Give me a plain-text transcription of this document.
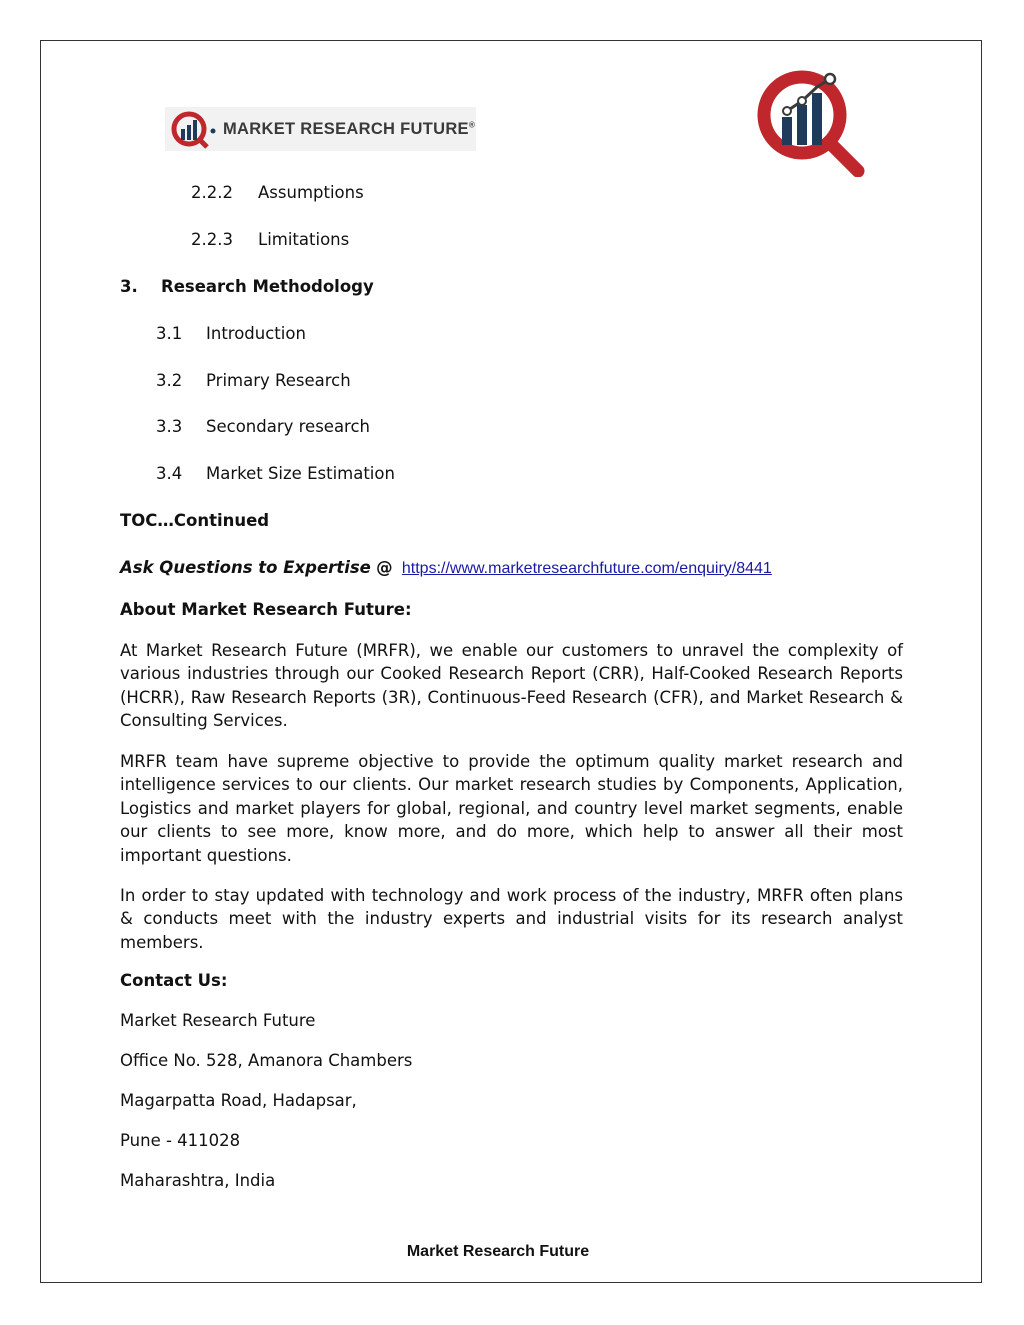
MARKET RESEARCH FUTURE®
2.2.2 Assumptions
2.2.3 Limitations
3. Research Methodology
3.1 Introduction
3.2 Primary Research
3.3 Secondary research
3.4 Market Size Estimation
TOC…Continued
Ask Questions to Expertise @ https://www.marketresearchfuture.com/enquiry/8441
About Market Research Future:

At Market Research Future (MRFR), we enable our customers to unravel the complexity of various industries through our Cooked Research Report (CRR), Half-Cooked Research Reports (HCRR), Raw Research Reports (3R), Continuous-Feed Research (CFR), and Market Research & Consulting Services.

MRFR team have supreme objective to provide the optimum quality market research and intelligence services to our clients. Our market research studies by Components, Application, Logistics and market players for global, regional, and country level market segments, enable our clients to see more, know more, and do more, which help to answer all their most important questions.

In order to stay updated with technology and work process of the industry, MRFR often plans & conducts meet with the industry experts and industrial visits for its research analyst members.

Contact Us:
Market Research Future
Office No. 528, Amanora Chambers
Magarpatta Road, Hadapsar,
Pune - 411028
Maharashtra, India
Market Research Future
